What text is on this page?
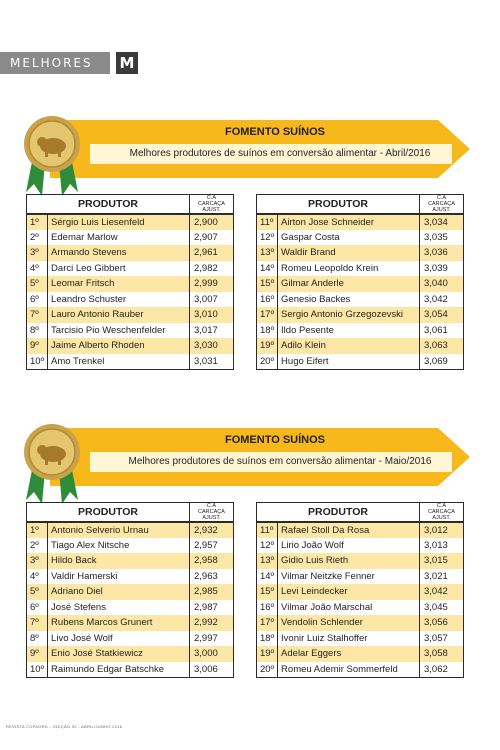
MELHORES	M
FOMENTO SUÍNOS
Melhores produtores de suínos em conversão alimentar - Abril/2016
PRODUTOR		C.A CARCAÇA AJUST.
1º	Sérgio Luis Liesenfeld	2,900
2º	Edemar Marlow	2,907
3º	Armando Stevens	2,961
4º	Darci Leo Gibbert	2,982
5º	Leomar Fritsch	2,999
6º	Leandro Schuster	3,007
7º	Lauro Antonio Rauber	3,010
8º	Tarcisio Pio Weschenfelder	3,017
9º	Jaime Alberto Rhoden	3,030
10º	Amo Trenkel	3,031
PRODUTOR		C.A CARCAÇA AJUST.
11º	Airton Jose Schneider	3,034
12º	Gaspar Costa	3,035
13º	Waldir Brand	3,036
14º	Romeu Leopoldo Krein	3,039
15º	Gilmar Anderle	3,040
16º	Genesio Backes	3,042
17º	Sergio Antonio Grzegozevski	3,054
18º	Ildo Pesente	3,061
19º	Adilo Klein	3,063
20º	Hugo Eifert	3,069
FOMENTO SUÍNOS
Melhores produtores de suínos em conversão alimentar - Maio/2016
PRODUTOR		C.A CARCAÇA AJUST.
1º	Antonio Selverio Urnau	2,932
2º	Tiago Alex Nitsche	2,957
3º	Hildo Back	2,958
4º	Valdir Hamerski	2,963
5º	Adriano Diel	2,985
6º	José Stefens	2,987
7º	Rubens Marcos Grunert	2,992
8º	Livo José Wolf	2,997
9º	Enio José Statkiewicz	3,000
10º	Raimundo Edgar Batschke	3,006
PRODUTOR		C.A CARCAÇA AJUST.
11º	Rafael Stoll Da Rosa	3,012
12º	Lirio João Wolf	3,013
13º	Gidio Luis Rieth	3,015
14º	Vilmar Neitzke Fenner	3,021
15º	Levi Leindecker	3,042
16º	Vilmar João Marschal	3,045
17º	Vendolin Schlender	3,056
18º	Ivonir Luiz Stalhoffer	3,057
19º	Adelar Eggers	3,058
20º	Romeu Ademir Sommerfeld	3,062
REVISTA COPAGRIL - EDIÇÃO 92 - ABRIL/JUNHO 2016
